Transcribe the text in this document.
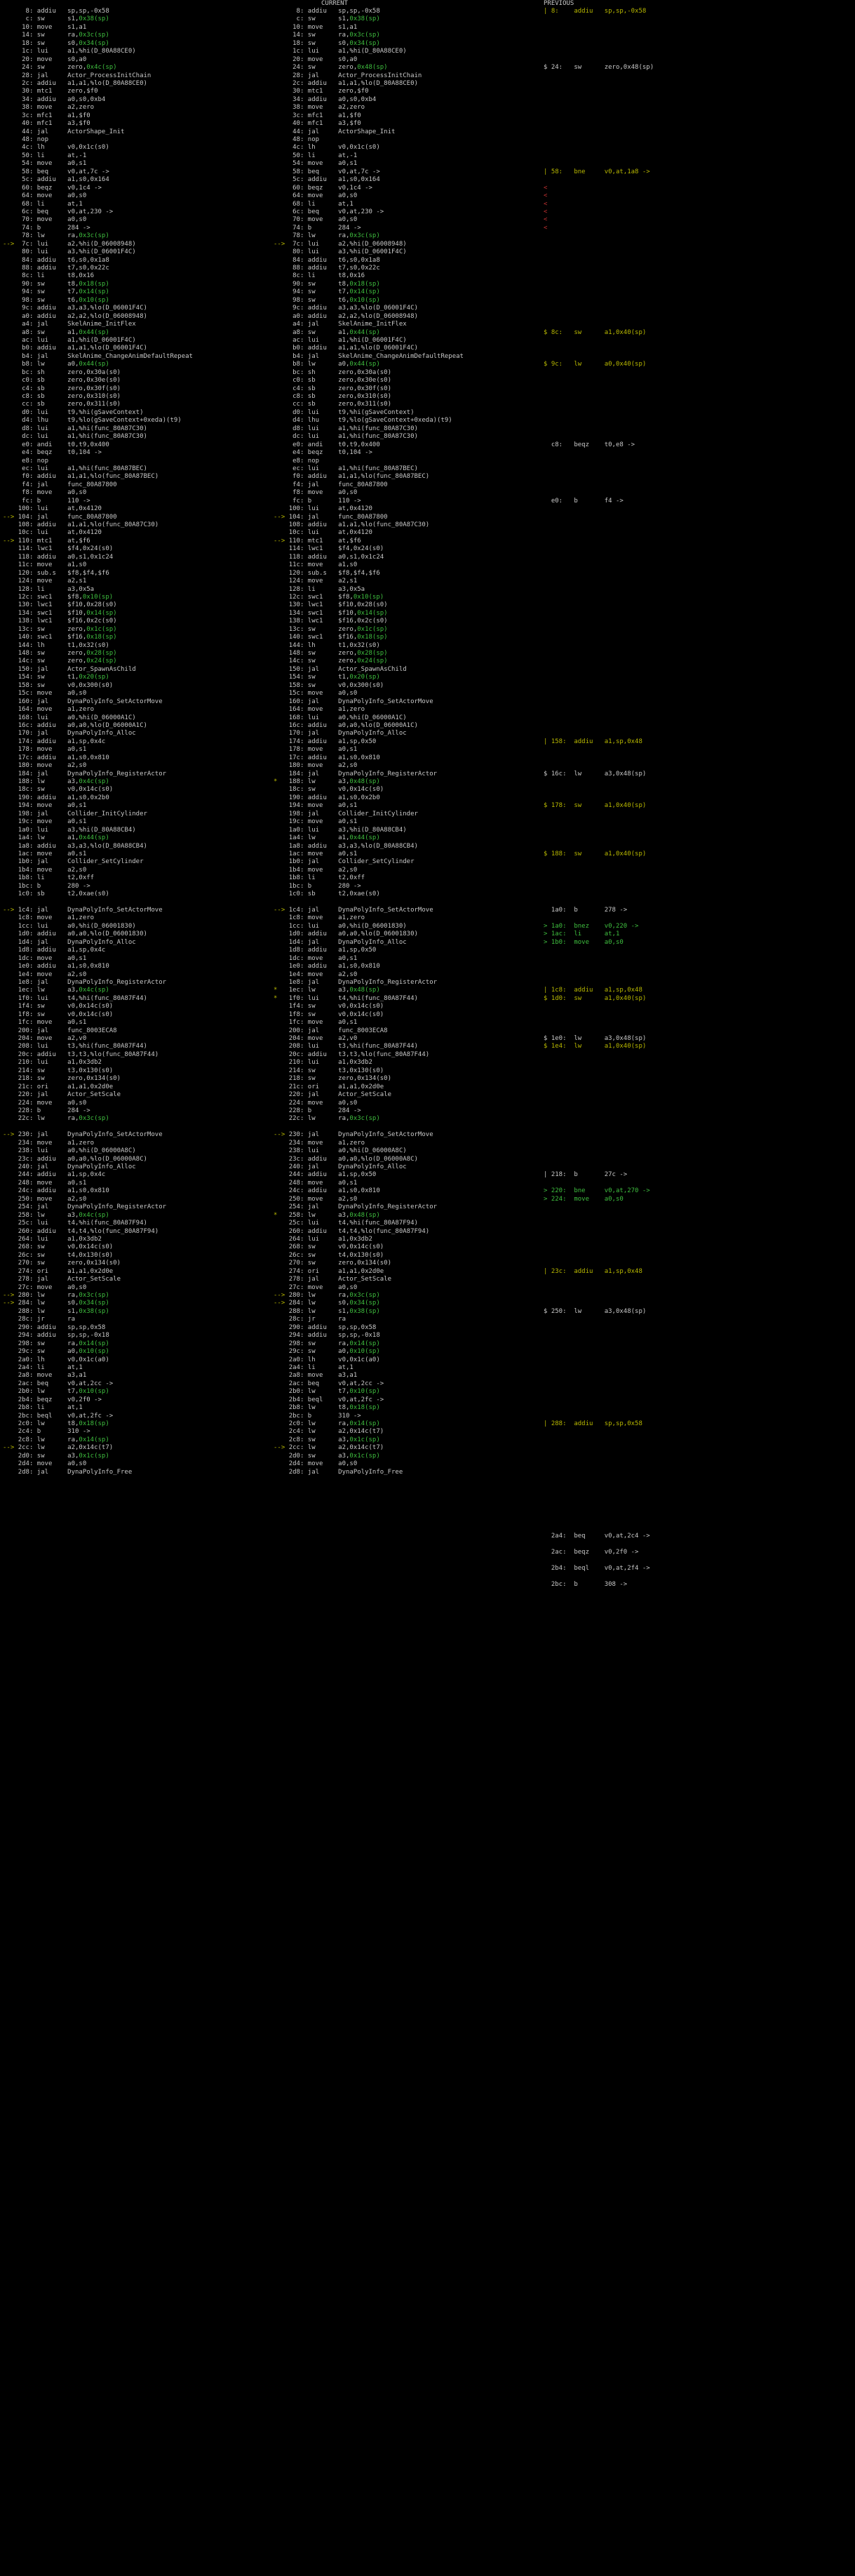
PREVIOUS
CURRENT
8: addiu   sp,sp,-0x58
c: sw      s1,0x38(sp)
10: move    s1,a1
14: sw      ra,0x3c(sp)
18: sw      s0,0x34(sp)
1c: lui     a1,%hi(D_80A88CE0)
20: move    s0,a0
24: sw      zero,0x4c(sp)
28: jal     Actor_ProcessInitChain
2c: addiu   a1,a1,%lo(D_80A88CE0)
30: mtc1    zero,$f0
34: addiu   a0,s0,0xb4
38: move    a2,zero
3c: mfc1    a1,$f0
40: mfc1    a3,$f0
44: jal     ActorShape_Init
48: nop
4c: lh      v0,0x1c(s0)
50: li      at,-1
54: move    a0,s1
58: beq     v0,at,7c ->
5c: addiu   a1,s0,0x164
60: beqz    v0,1c4 ->
64: move    a0,s0
68: li      at,1
6c: beq     v0,at,230 ->
70: move    a0,s0
74: b       284 ->
78: lw      ra,0x3c(sp)
-->  7c: lui     a2,%hi(D_06008948)
80: lui     a3,%hi(D_06001F4C)
84: addiu   t6,s0,0x1a8
88: addiu   t7,s0,0x22c
8c: li      t8,0x16
90: sw      t8,0x18(sp)
94: sw      t7,0x14(sp)
98: sw      t6,0x10(sp)
9c: addiu   a3,a3,%lo(D_06001F4C)
a0: addiu   a2,a2,%lo(D_06008948)
a4: jal     SkelAnime_InitFlex
a8: sw      a1,0x44(sp)
ac: lui     a1,%hi(D_06001F4C)
b0: addiu   a1,a1,%lo(D_06001F4C)
b4: jal     SkelAnime_ChangeAnimDefaultRepeat
b8: lw      a0,0x44(sp)
bc: sh      zero,0x30a(s0)
c0: sb      zero,0x30e(s0)
c4: sb      zero,0x30f(s0)
c8: sb      zero,0x310(s0)
cc: sb      zero,0x311(s0)
d0: lui     t9,%hi(gSaveContext)
d4: lhu     t9,%lo(gSaveContext+0xeda)(t9)
d8: lui     a1,%hi(func_80A87C30)
dc: lui     a1,%hi(func_80A87C30)
e0: andi    t0,t9,0x400
e4: beqz    t0,104 ->
e8: nop
ec: lui     a1,%hi(func_80A87BEC)
f0: addiu   a1,a1,%lo(func_80A87BEC)
f4: jal     func_80A87800
f8: move    a0,s0
fc: b       110 ->
100: lui     at,0x4120
--> 104: jal     func_80A87800
108: addiu   a1,a1,%lo(func_80A87C30)
10c: lui     at,0x4120
--> 110: mtc1    at,$f6
114: lwc1    $f4,0x24(s0)
118: addiu   a0,s1,0x1c24
11c: move    a1,s0
120: sub.s   $f8,$f4,$f6
124: move    a2,s1
128: li      a3,0x5a
12c: swc1    $f8,0x10(sp)
130: lwc1    $f10,0x28(s0)
134: swc1    $f10,0x14(sp)
138: lwc1    $f16,0x2c(s0)
13c: sw      zero,0x1c(sp)
140: swc1    $f16,0x18(sp)
144: lh      t1,0x32(s0)
148: sw      zero,0x28(sp)
14c: sw      zero,0x24(sp)
150: jal     Actor_SpawnAsChild
154: sw      t1,0x20(sp)
158: sw      v0,0x300(s0)
15c: move    a0,s0
160: jal     DynaPolyInfo_SetActorMove
164: move    a1,zero
168: lui     a0,%hi(D_06000A1C)
16c: addiu   a0,a0,%lo(D_06000A1C)
170: jal     DynaPolyInfo_Alloc
174: addiu   a1,sp,0x4c
178: move    a0,s1
17c: addiu   a1,s0,0x810
180: move    a2,s0
184: jal     DynaPolyInfo_RegisterActor
188: lw      a3,0x4c(sp)
18c: sw      v0,0x14c(s0)
190: addiu   a1,s0,0x2b0
194: move    a0,s1
198: jal     Collider_InitCylinder
19c: move    a0,s1
1a0: lui     a3,%hi(D_80A88CB4)
1a4: lw      a1,0x44(sp)
1a8: addiu   a3,a3,%lo(D_80A88CB4)
1ac: move    a0,s1
1b0: jal     Collider_SetCylinder
1b4: move    a2,s0
1b8: li      t2,0xff
1bc: b       280 ->
1c0: sb      t2,0xae(s0)

--> 1c4: jal     DynaPolyInfo_SetActorMove
1c8: move    a1,zero
1cc: lui     a0,%hi(D_06001830)
1d0: addiu   a0,a0,%lo(D_06001830)
1d4: jal     DynaPolyInfo_Alloc
1d8: addiu   a1,sp,0x4c
1dc: move    a0,s1
1e0: addiu   a1,s0,0x810
1e4: move    a2,s0
1e8: jal     DynaPolyInfo_RegisterActor
1ec: lw      a3,0x4c(sp)
1f0: lui     t4,%hi(func_80A87F44)
1f4: sw      v0,0x14c(s0)
1f8: sw      v0,0x14c(s0)
1fc: move    a0,s1
200: jal     func_8003ECA8
204: move    a2,v0
208: lui     t3,%hi(func_80A87F44)
20c: addiu   t3,t3,%lo(func_80A87F44)
210: lui     a1,0x3db2
214: sw      t3,0x130(s0)
218: sw      zero,0x134(s0)
21c: ori     a1,a1,0x2d0e
220: jal     Actor_SetScale
224: move    a0,s0
228: b       284 ->
22c: lw      ra,0x3c(sp)

--> 230: jal     DynaPolyInfo_SetActorMove
234: move    a1,zero
238: lui     a0,%hi(D_06000A8C)
23c: addiu   a0,a0,%lo(D_06000A8C)
240: jal     DynaPolyInfo_Alloc
244: addiu   a1,sp,0x4c
248: move    a0,s1
24c: addiu   a1,s0,0x810
250: move    a2,s0
254: jal     DynaPolyInfo_RegisterActor
258: lw      a3,0x4c(sp)
25c: lui     t4,%hi(func_80A87F94)
260: addiu   t4,t4,%lo(func_80A87F94)
264: lui     a1,0x3db2
268: sw      v0,0x14c(s0)
26c: sw      t4,0x130(s0)
270: sw      zero,0x134(s0)
274: ori     a1,a1,0x2d0e
278: jal     Actor_SetScale
27c: move    a0,s0
--> 280: lw      ra,0x3c(sp)
--> 284: lw      s0,0x34(sp)
288: lw      s1,0x38(sp)
28c: jr      ra
290: addiu   sp,sp,0x58
294: addiu   sp,sp,-0x18
298: sw      ra,0x14(sp)
29c: sw      a0,0x10(sp)
2a0: lh      v0,0x1c(a0)
2a4: li      at,1
2a8: move    a3,a1
2ac: beq     v0,at,2cc ->
2b0: lw      t7,0x10(sp)
2b4: beqz    v0,2f0 ->
2b8: li      at,1
2bc: beql    v0,at,2fc ->
2c0: lw      t8,0x18(sp)
2c4: b       310 ->
2c8: lw      ra,0x14(sp)
--> 2cc: lw      a2,0x14c(t7)
2d0: sw      a3,0x1c(sp)
2d4: move    a0,s0
2d8: jal     DynaPolyInfo_Free
8: addiu   sp,sp,-0x58
c: sw      s1,0x38(sp)
10: move    s1,a1
14: sw      ra,0x3c(sp)
18: sw      s0,0x34(sp)
1c: lui     a1,%hi(D_80A88CE0)
20: move    s0,a0
24: sw      zero,0x48(sp)
28: jal     Actor_ProcessInitChain
2c: addiu   a1,a1,%lo(D_80A88CE0)
30: mtc1    zero,$f0
34: addiu   a0,s0,0xb4
38: move    a2,zero
3c: mfc1    a1,$f0
40: mfc1    a3,$f0
44: jal     ActorShape_Init
48: nop
4c: lh      v0,0x1c(s0)
50: li      at,-1
54: move    a0,s1
58: beq     v0,at,7c ->
5c: addiu   a1,s0,0x164
60: beqz    v0,1c4 ->
64: move    a0,s0
68: li      at,1
6c: beq     v0,at,230 ->
70: move    a0,s0
74: b       284 ->
78: lw      ra,0x3c(sp)
-->  7c: lui     a2,%hi(D_06008948)
80: lui     a3,%hi(D_06001F4C)
84: addiu   t6,s0,0x1a8
88: addiu   t7,s0,0x22c
8c: li      t8,0x16
90: sw      t8,0x18(sp)
94: sw      t7,0x14(sp)
98: sw      t6,0x10(sp)
9c: addiu   a3,a3,%lo(D_06001F4C)
a0: addiu   a2,a2,%lo(D_06008948)
a4: jal     SkelAnime_InitFlex
a8: sw      a1,0x44(sp)
ac: lui     a1,%hi(D_06001F4C)
b0: addiu   a1,a1,%lo(D_06001F4C)
b4: jal     SkelAnime_ChangeAnimDefaultRepeat
b8: lw      a0,0x44(sp)
bc: sh      zero,0x30a(s0)
c0: sb      zero,0x30e(s0)
c4: sb      zero,0x30f(s0)
c8: sb      zero,0x310(s0)
cc: sb      zero,0x311(s0)
d0: lui     t9,%hi(gSaveContext)
d4: lhu     t9,%lo(gSaveContext+0xeda)(t9)
d8: lui     a1,%hi(func_80A87C30)
dc: lui     a1,%hi(func_80A87C30)
e0: andi    t0,t9,0x400
e4: beqz    t0,104 ->
e8: nop
ec: lui     a1,%hi(func_80A87BEC)
f0: addiu   a1,a1,%lo(func_80A87BEC)
f4: jal     func_80A87800
f8: move    a0,s0
fc: b       110 ->
100: lui     at,0x4120
--> 104: jal     func_80A87800
108: addiu   a1,a1,%lo(func_80A87C30)
10c: lui     at,0x4120
--> 110: mtc1    at,$f6
114: lwc1    $f4,0x24(s0)
118: addiu   a0,s1,0x1c24
11c: move    a1,s0
120: sub.s   $f8,$f4,$f6
124: move    a2,s1
128: li      a3,0x5a
12c: swc1    $f8,0x10(sp)
130: lwc1    $f10,0x28(s0)
134: swc1    $f10,0x14(sp)
138: lwc1    $f16,0x2c(s0)
13c: sw      zero,0x1c(sp)
140: swc1    $f16,0x18(sp)
144: lh      t1,0x32(s0)
148: sw      zero,0x28(sp)
14c: sw      zero,0x24(sp)
150: jal     Actor_SpawnAsChild
154: sw      t1,0x20(sp)
158: sw      v0,0x300(s0)
15c: move    a0,s0
160: jal     DynaPolyInfo_SetActorMove
164: move    a1,zero
168: lui     a0,%hi(D_06000A1C)
16c: addiu   a0,a0,%lo(D_06000A1C)
170: jal     DynaPolyInfo_Alloc
174: addiu   a1,sp,0x50
178: move    a0,s1
17c: addiu   a1,s0,0x810
180: move    a2,s0
184: jal     DynaPolyInfo_RegisterActor
*   188: lw      a3,0x48(sp)
18c: sw      v0,0x14c(s0)
190: addiu   a1,s0,0x2b0
194: move    a0,s1
198: jal     Collider_InitCylinder
19c: move    a0,s1
1a0: lui     a3,%hi(D_80A88CB4)
1a4: lw      a1,0x44(sp)
1a8: addiu   a3,a3,%lo(D_80A88CB4)
1ac: move    a0,s1
1b0: jal     Collider_SetCylinder
1b4: move    a2,s0
1b8: li      t2,0xff
1bc: b       280 ->
1c0: sb      t2,0xae(s0)

--> 1c4: jal     DynaPolyInfo_SetActorMove
1c8: move    a1,zero
1cc: lui     a0,%hi(D_06001830)
1d0: addiu   a0,a0,%lo(D_06001830)
1d4: jal     DynaPolyInfo_Alloc
1d8: addiu   a1,sp,0x50
1dc: move    a0,s1
1e0: addiu   a1,s0,0x810
1e4: move    a2,s0
1e8: jal     DynaPolyInfo_RegisterActor
*   1ec: lw      a3,0x48(sp)
*   1f0: lui     t4,%hi(func_80A87F44)
1f4: sw      v0,0x14c(s0)
1f8: sw      v0,0x14c(s0)
1fc: move    a0,s1
200: jal     func_8003ECA8
204: move    a2,v0
208: lui     t3,%hi(func_80A87F44)
20c: addiu   t3,t3,%lo(func_80A87F44)
210: lui     a1,0x3db2
214: sw      t3,0x130(s0)
218: sw      zero,0x134(s0)
21c: ori     a1,a1,0x2d0e
220: jal     Actor_SetScale
224: move    a0,s0
228: b       284 ->
22c: lw      ra,0x3c(sp)

--> 230: jal     DynaPolyInfo_SetActorMove
234: move    a1,zero
238: lui     a0,%hi(D_06000A8C)
23c: addiu   a0,a0,%lo(D_06000A8C)
240: jal     DynaPolyInfo_Alloc
244: addiu   a1,sp,0x50
248: move    a0,s1
24c: addiu   a1,s0,0x810
250: move    a2,s0
254: jal     DynaPolyInfo_RegisterActor
*   258: lw      a3,0x48(sp)
25c: lui     t4,%hi(func_80A87F94)
260: addiu   t4,t4,%lo(func_80A87F94)
264: lui     a1,0x3db2
268: sw      v0,0x14c(s0)
26c: sw      t4,0x130(s0)
270: sw      zero,0x134(s0)
274: ori     a1,a1,0x2d0e
278: jal     Actor_SetScale
27c: move    a0,s0
--> 280: lw      ra,0x3c(sp)
--> 284: lw      s0,0x34(sp)
288: lw      s1,0x38(sp)
28c: jr      ra
290: addiu   sp,sp,0x58
294: addiu   sp,sp,-0x18
298: sw      ra,0x14(sp)
29c: sw      a0,0x10(sp)
2a0: lh      v0,0x1c(a0)
2a4: li      at,1
2a8: move    a3,a1
2ac: beq     v0,at,2cc ->
2b0: lw      t7,0x10(sp)
2b4: beql    v0,at,2fc ->
2b8: lw      t8,0x18(sp)
2bc: b       310 ->
2c0: lw      ra,0x14(sp)
2c4: lw      a2,0x14c(t7)
2c8: sw      a3,0x1c(sp)
--> 2cc: lw      a2,0x14c(t7)
2d0: sw      a3,0x1c(sp)
2d4: move    a0,s0
2d8: jal     DynaPolyInfo_Free
| 8:    addiu   sp,sp,-0x58

$ 24:   sw      zero,0x48(sp)

| 58:   bne     v0,at,1a8 ->

<
<
<
<
<
<

$ 8c:   sw      a1,0x40(sp)

$ 9c:   lw      a0,0x40(sp)

c8:   beqz    t0,e8 ->

e0:   b       f4 ->

| 158:  addiu   a1,sp,0x48

$ 16c:  lw      a3,0x48(sp)

$ 178:  sw      a1,0x40(sp)

$ 188:  sw      a1,0x40(sp)

1a0:  b       278 ->

> 1a0:  bnez    v0,220 ->
> 1ac:  li      at,1
> 1b0:  move    a0,s0

| 1c8:  addiu   a1,sp,0x48
$ 1d0:  sw      a1,0x40(sp)

$ 1e0:  lw      a3,0x48(sp)
$ 1e4:  lw      a1,0x40(sp)

| 218:  b       27c ->

> 220:  bne     v0,at,270 ->
> 224:  move    a0,s0

| 23c:  addiu   a1,sp,0x48

$ 250:  lw      a3,0x48(sp)

| 288:  addiu   sp,sp,0x58

2a4:  beq     v0,at,2c4 ->

2ac:  beqz    v0,2f0 ->

2b4:  beql    v0,at,2f4 ->

2bc:  b       308 ->
